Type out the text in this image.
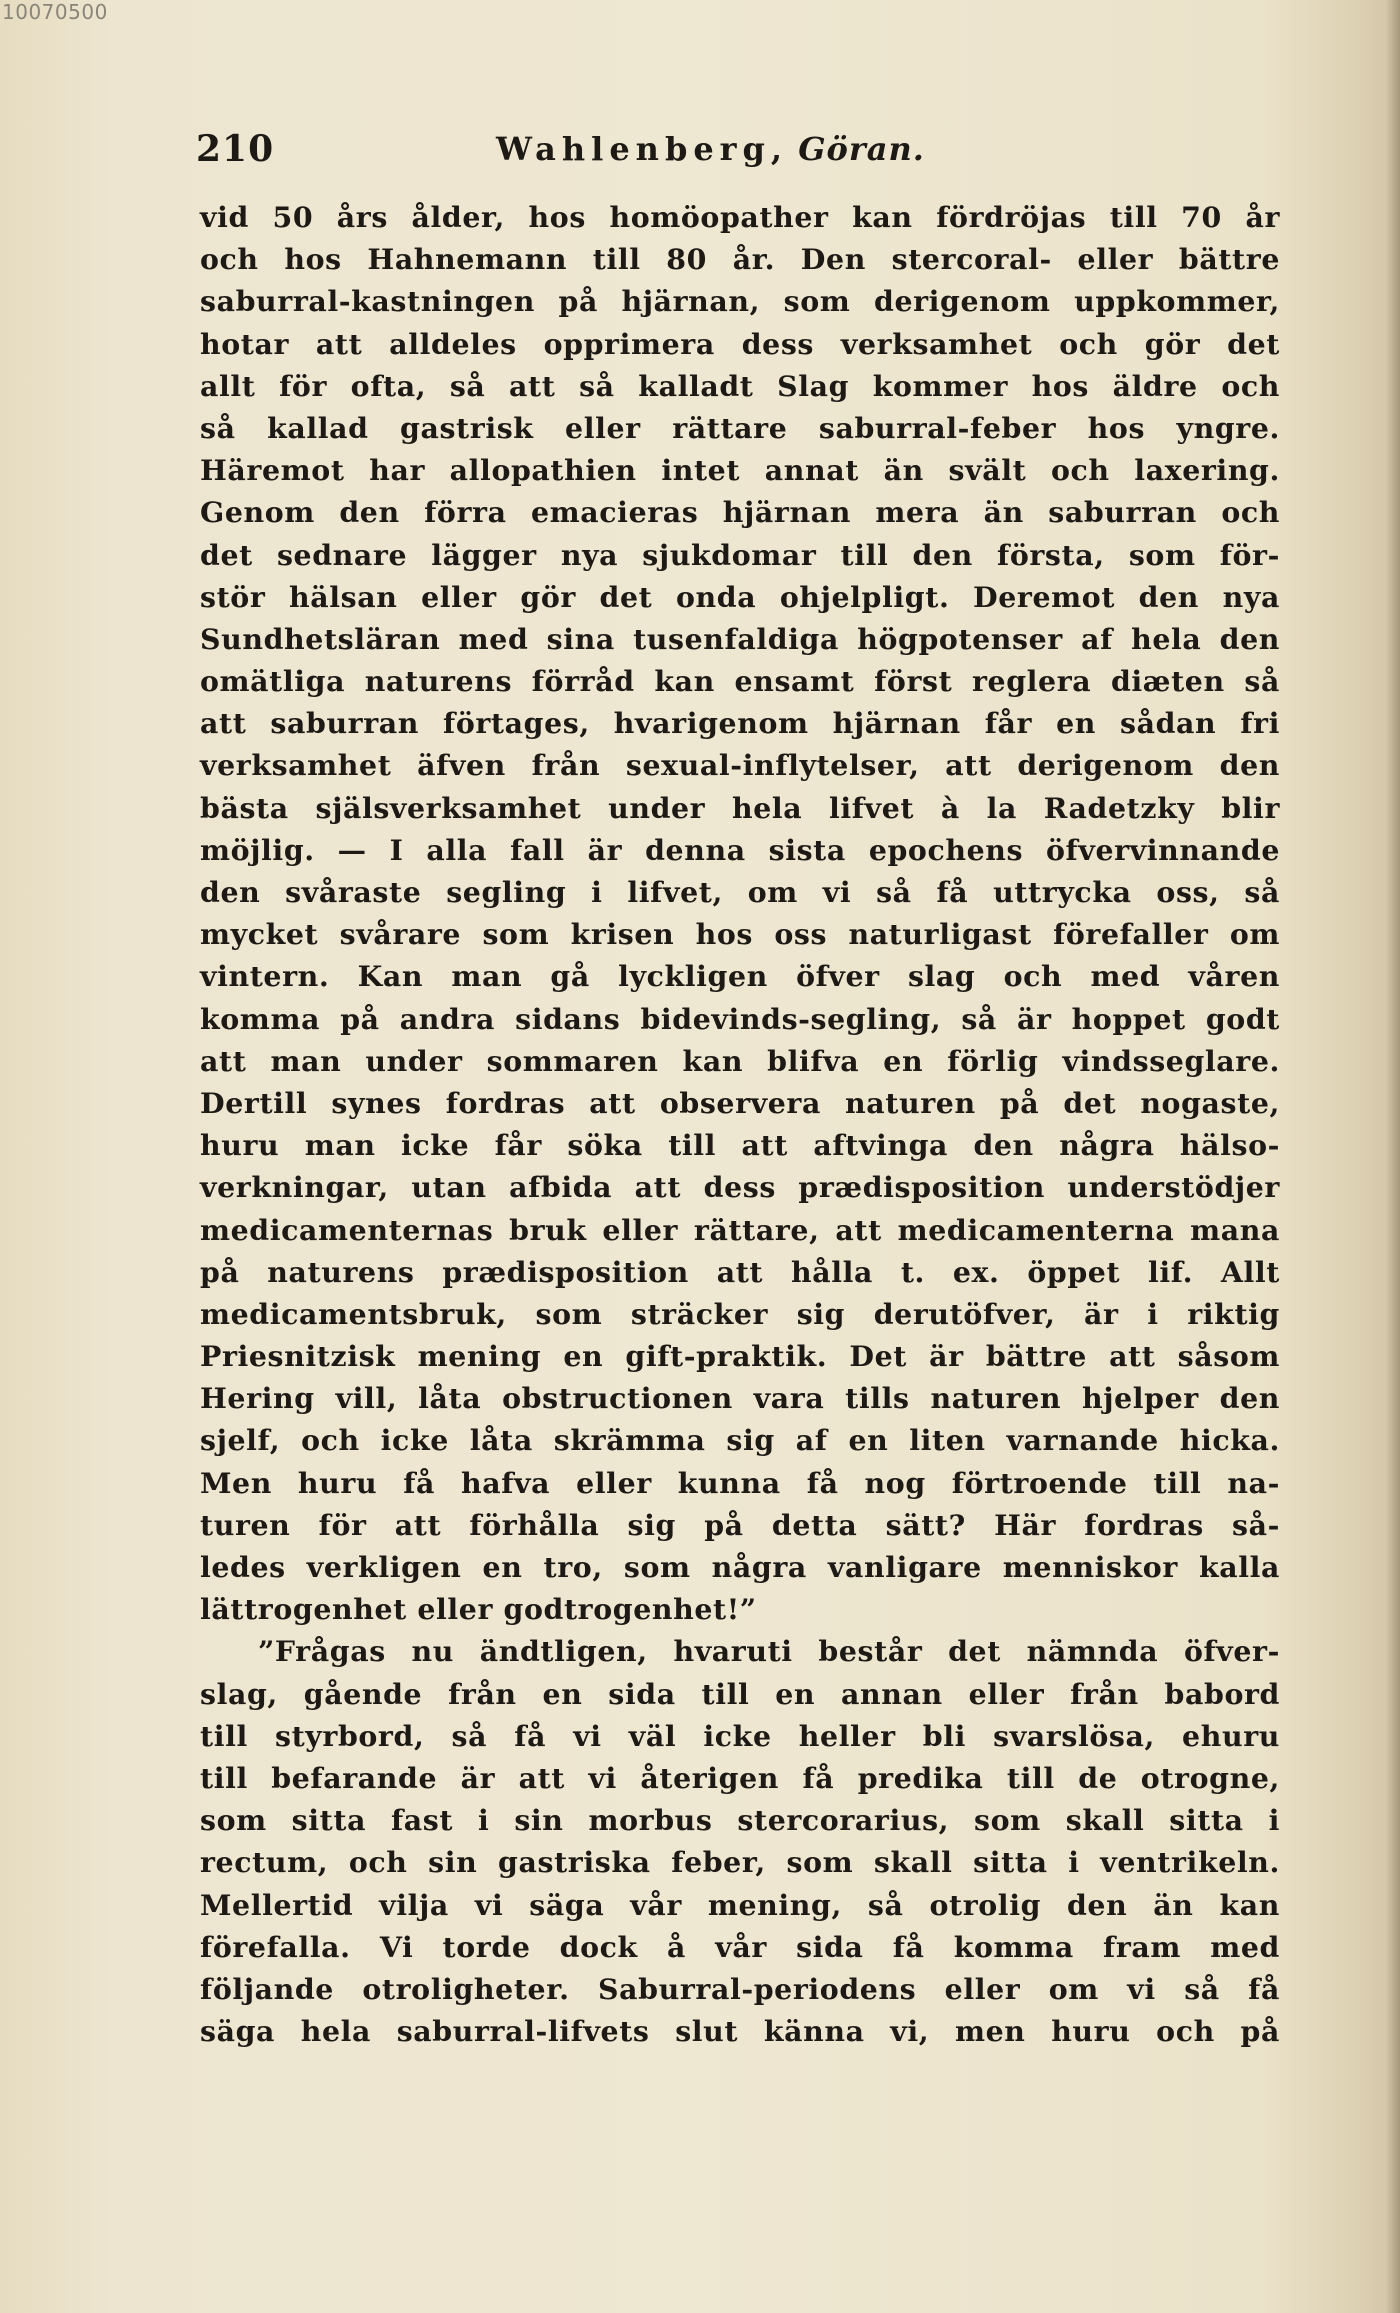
10070500
210	Wahlenberg, Göran.
vid 50 års ålder, hos homöopather kan fördröjas till 70 år
och hos Hahnemann till 80 år. Den stercoral- eller bättre
saburral-kastningen på hjärnan, som derigenom uppkommer,
hotar att alldeles opprimera dess verksamhet och gör det
allt för ofta, så att så kalladt Slag kommer hos äldre och
så kallad gastrisk eller rättare saburral-feber hos yngre.
Häremot har allopathien intet annat än svält och laxering.
Genom den förra emacieras hjärnan mera än saburran och
det sednare lägger nya sjukdomar till den första, som för-
stör hälsan eller gör det onda ohjelpligt. Deremot den nya
Sundhetsläran med sina tusenfaldiga högpotenser af hela den
omätliga naturens förråd kan ensamt först reglera diæten så
att saburran förtages, hvarigenom hjärnan får en sådan fri
verksamhet äfven från sexual-inflytelser, att derigenom den
bästa själsverksamhet under hela lifvet à la Radetzky blir
möjlig. — I alla fall är denna sista epochens öfvervinnande
den svåraste segling i lifvet, om vi så få uttrycka oss, så
mycket svårare som krisen hos oss naturligast förefaller om
vintern. Kan man gå lyckligen öfver slag och med våren
komma på andra sidans bidevinds-segling, så är hoppet godt
att man under sommaren kan blifva en förlig vindsseglare.
Dertill synes fordras att observera naturen på det nogaste,
huru man icke får söka till att aftvinga den några hälso-
verkningar, utan afbida att dess prædisposition understödjer
medicamenternas bruk eller rättare, att medicamenterna mana
på naturens prædisposition att hålla t. ex. öppet lif. Allt
medicamentsbruk, som sträcker sig derutöfver, är i riktig
Priesnitzisk mening en gift-praktik. Det är bättre att såsom
Hering vill, låta obstructionen vara tills naturen hjelper den
sjelf, och icke låta skrämma sig af en liten varnande hicka.
Men huru få hafva eller kunna få nog förtroende till na-
turen för att förhålla sig på detta sätt? Här fordras så-
ledes verkligen en tro, som några vanligare menniskor kalla
lättrogenhet eller godtrogenhet!”
”Frågas nu ändtligen, hvaruti består det nämnda öfver-
slag, gående från en sida till en annan eller från babord
till styrbord, så få vi väl icke heller bli svarslösa, ehuru
till befarande är att vi återigen få predika till de otrogne,
som sitta fast i sin morbus stercorarius, som skall sitta i
rectum, och sin gastriska feber, som skall sitta i ventrikeln.
Mellertid vilja vi säga vår mening, så otrolig den än kan
förefalla. Vi torde dock å vår sida få komma fram med
följande otroligheter. Saburral-periodens eller om vi så få
säga hela saburral-lifvets slut känna vi, men huru och på
